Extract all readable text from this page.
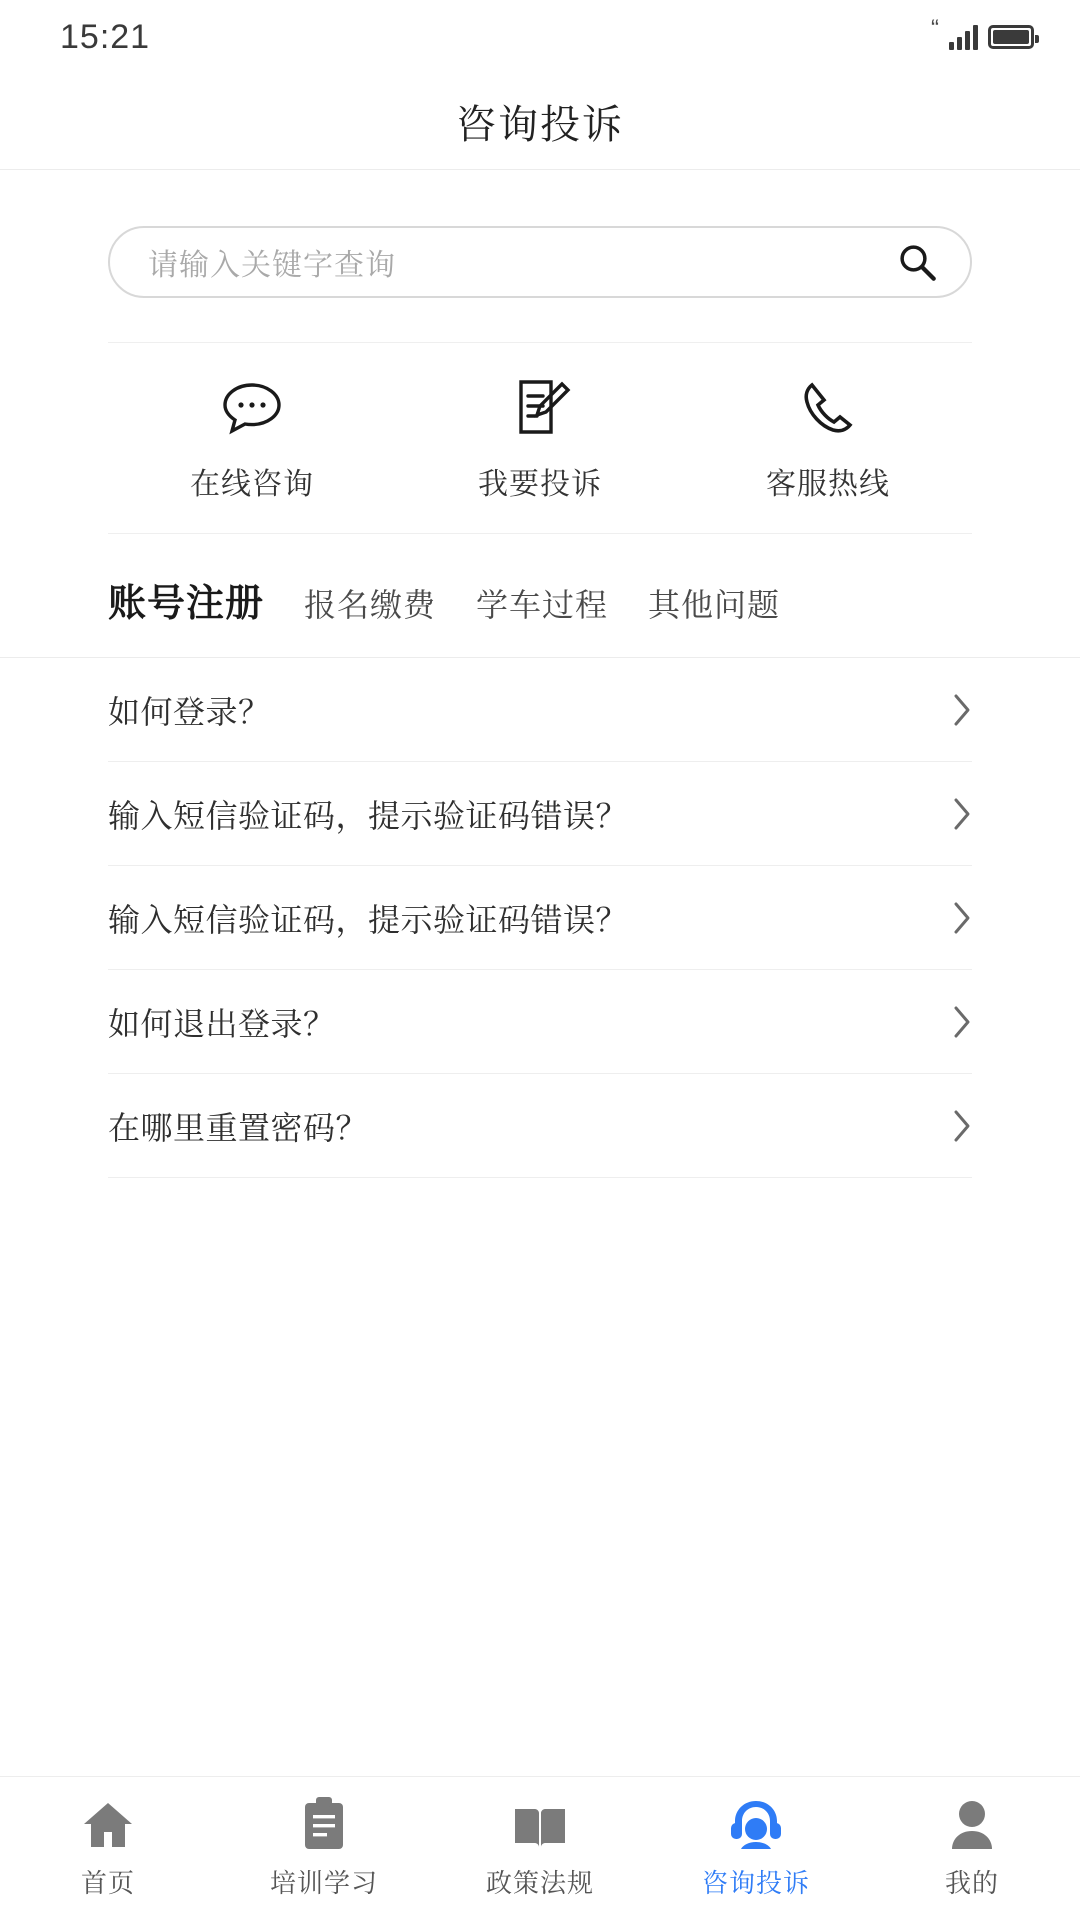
15:21	“
咨询投诉
请输入关键字查询
在线咨询	我要投诉	客服热线
账号注册 报名缴费 学车过程 其他问题
如何登录？
输入短信验证码，提示验证码错误？
输入短信验证码，提示验证码错误？
如何退出登录？
在哪里重置密码？
首页	培训学习	政策法规	咨询投诉	我的
